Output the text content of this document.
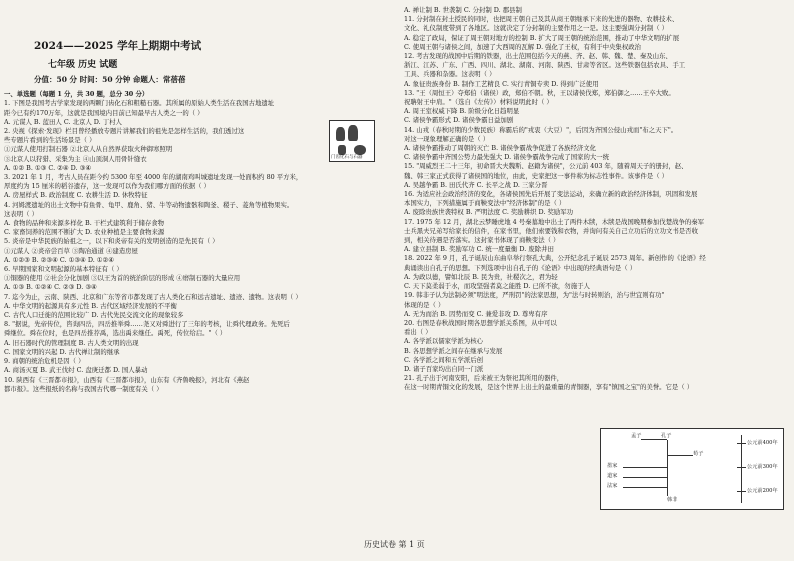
2024——2025 学年上期期中考试
七年级 历史 试题
分值：50 分 时间：50 分钟 命题人：常蓓蓓
一、单选题（每题 1 分，共 30 题，总分 30 分）
1. 下图是我国考古学家发现的两颗门齿化石和粗糙石器。其所属的原始人类生活在我国古地遗址
距今已有约170万年，这就是我国境内目前已知最早古人类之一的（ ）
A. 元谋人 B. 蓝田人 C. 北京人 D. 丁村人
2. 央视《探索·发现》栏目曾经播放专题片讲解我们的祖先是怎样生活的，我们透过这
些专题片看到的生活场景是（ ）
①元谋人使用打制石器 ②北京人从自然界获取火种御寒照明
③北京人以狩猎、采集为主 ④山顶洞人用骨针缝衣
A. ①② B. ①③ C. ②④ D. ③④
3. 2021 年 1 月，考古人员在距今约 5300 年至 4000 年的湖南鸡叫城遗址发现一处面积约 80 平方米，
厚度约为 15 厘米的稻谷遗存，这一发现可以作为我们哪方面的依据（ ）
A. 房屋样式 B. 政治制度 C. 农耕生活 D. 休牧特征
4. 河姆渡遗址的出土文物中有鱼骨、龟甲、鹿角、猪、牛等动物遗骸和陶釜、稷子、菱角等植物果实。
这表明（ ）
A. 食物的品种和来源多样化 B. 干栏式建筑利于储存食物
C. 家畜饲养的范围不断扩大 D. 农业种植是主要食物来源
5. 炎帝是中华民族的始祖之一，以下和炎帝有关的发明创造的是先民有（ ）
①元谋人 ②炎帝尝百草 ③陶冶通道 ④建造房屋
A. ①②③ B. ②③④ C. ①③④ D. ①②④
6. 早期国家和文明起源的基本特征有（ ）
①铜器的使用 ②社会分化加剧 ③以王为首的统治阶层的形成 ④磨制石器的大量应用
A. ①③ B. ①②④ C. ②③ D. ③④
7. 迄今为止，云南、陕西、北京和广东等省市都发现了古人类化石和远古遗址、遗迹、遗物。这表明（ ）
A. 中华文明的起源具有多元性 B. 古代区域经济发展的不平衡
C. 古代人口迁徙的范围比较广 D. 古代先民交流文化的现象较多
8. "据说，先帝传位，咨询四岳，四岳推举舜……尧又对舜进行了三年的考核，让舜代理政务。先死后
舜继位。舜在位时，也是四岳推荐禹，选出禹来继任。禹死，传位给启。"（ ）
A. 旧石器时代的管理制度 B. 古人类文明的出现
C. 国家文明的兴起 D. 古代禅让制的继承
9. 商朝的统治危机是因（ ）
A. 商汤灭夏 B. 武王伐纣 C. 盘庚迁都 D. 国人暴动
10. 陕西有《三晋都市报》，山西有《三晋都市报》，山东有《齐鲁晚报》，河北有《燕赵
都市报》。这些报纸的名称与我国古代哪一制度有关（ ）
门齿化石与石器
A. 禅让制 B. 世袭制 C. 分封制 D. 郡县制
11. 分封制在封土授民的同时，也把周王朝自己及其从商王朝继承下来的先进的器物、农耕技术、
文化、礼仪制度带到了各地区。这就决定了分封制的主要作用之一是。这主要强调分封制（ ）
A. 稳定了政局，保证了周王朝对地方的控制 B. 扩大了周王朝的统治范围，推动了中华文明的扩展
C. 使周王朝与诸侯之间，加速了大西周的瓦解 D. 强化了王权，有利于中央集权政治
12. 考古发现的战国中后期的铁器，出土范围包括今天的燕、齐、赵、韩、魏、楚、秦及山东、
浙江、江苏、广东、广西、四川、湖北、湖南、河南、陕西、甘肃等省区。这些铁器包括农具、手工
工具、兵器和杂器。这表明（ ）
A. 象征贵族身份 B. 制作工艺精良 C. 实行青铜专卖 D. 得到广泛使用
13. "王（周恒王）夺郑伯（诸侯）政，郑伯不朝。秋，王以诸侯伐郑，郑伯御之……王卒大败。
祝聃射王中肩。"（选自《左传》）材料说明此时（ ）
A. 周王室权威下降 B. 阶级分化日趋明显
C. 诸侯争霸形式 D. 诸侯争霸日益加剧
14. 山戎（春秋时期的少数民族）称霸后的"戎衷（大豆）"，后因为齐国公侵山戎而"布之天下"。
对这一现象理解正确的是（ ）
A. 诸侯争霸推动了周朝的灭亡 B. 诸侯争霸战争促进了各族经济文化
C. 诸侯争霸中齐国公势力最先强大 D. 诸侯争霸战争完成了国家的大一统
15. "周威烈王二十三年，初命晋大夫魏斯、赵籍为诸侯"，公元前 403 年，随着周天子的册封，赵、
魏、韩三家正式获得了诸侯国的地位，由此，史家把这一事件称为标志性事件。该事件是（ ）
A. 吴越争霸 B. 田氏代齐 C. 长平之战 D. 三家分晋
16. 为适应社会政治经济的变化，各诸侯国先后开展了变法运动，来确立新的政治经济体制，巩固和发展
本国实力，下列措施属于商鞅变法中"经济体制"的是（ ）
A. 废除贵族世袭特权 B. 严明法度 C. 奖励耕织 D. 奖励军功
17. 1975 年 12 月，湖北云梦睡虎地 4 号秦墓地中出土了两件木牍，木牍是战国晚期参加伐楚战争的秦军
士兵黑夫兄弟写给家长的信件，在家书里，他们索要钱和衣物，并询问有关自己立功后的立功文书是否收
到，相关待遇是否落实。这封家书体现了商鞅变法（ ）
A. 建立县制 B. 奖励军功 C. 统一度量衡 D. 废除井田
18. 2022 年 9 月，孔子诞辰山东曲阜举行祭孔大典，公开纪念孔子诞辰 2573 周年。新创作的《论语》经
典诵读出自孔子的思想。下列选项中出自孔子的《论语》中出现的经典语句是（ ）
A. 为政以德，譬如北辰 B. 民为贵，社稷次之，君为轻
C. 天下莫柔弱于水，而攻坚强者莫之能胜 D. 已所不欲，勿施于人
19. 韩非子认为法制必须"明法度，严刑罚"的法家思想，为"法与时转则治，治与世宜则有功"
体现的是（ ）
A. 无为而治 B. 因势而变 C. 兼爱非攻 D. 尊卑有序
20. 右图是春秋战国时期各思想学派关系图，从中可以
看出（ ）
A. 各学派以儒家学派为核心
B. 各思想学派之间存在继承与发展
C. 各学派之间和五学派后创
D. 诸子百家均出自同一门派
21. 孔子出于河南安阳，后来被王为祭祀其所用的器件，
在这一时期青铜文化的发展，是这个世界上出土的最重量的青铜器，享有"镇国之宝"的美誉。它是（ ）
公元前400年
公元前300年
公元前200年
孔子
孟子
荀子
墨家
道家
法家
韩非
历史试卷 第 1 页
